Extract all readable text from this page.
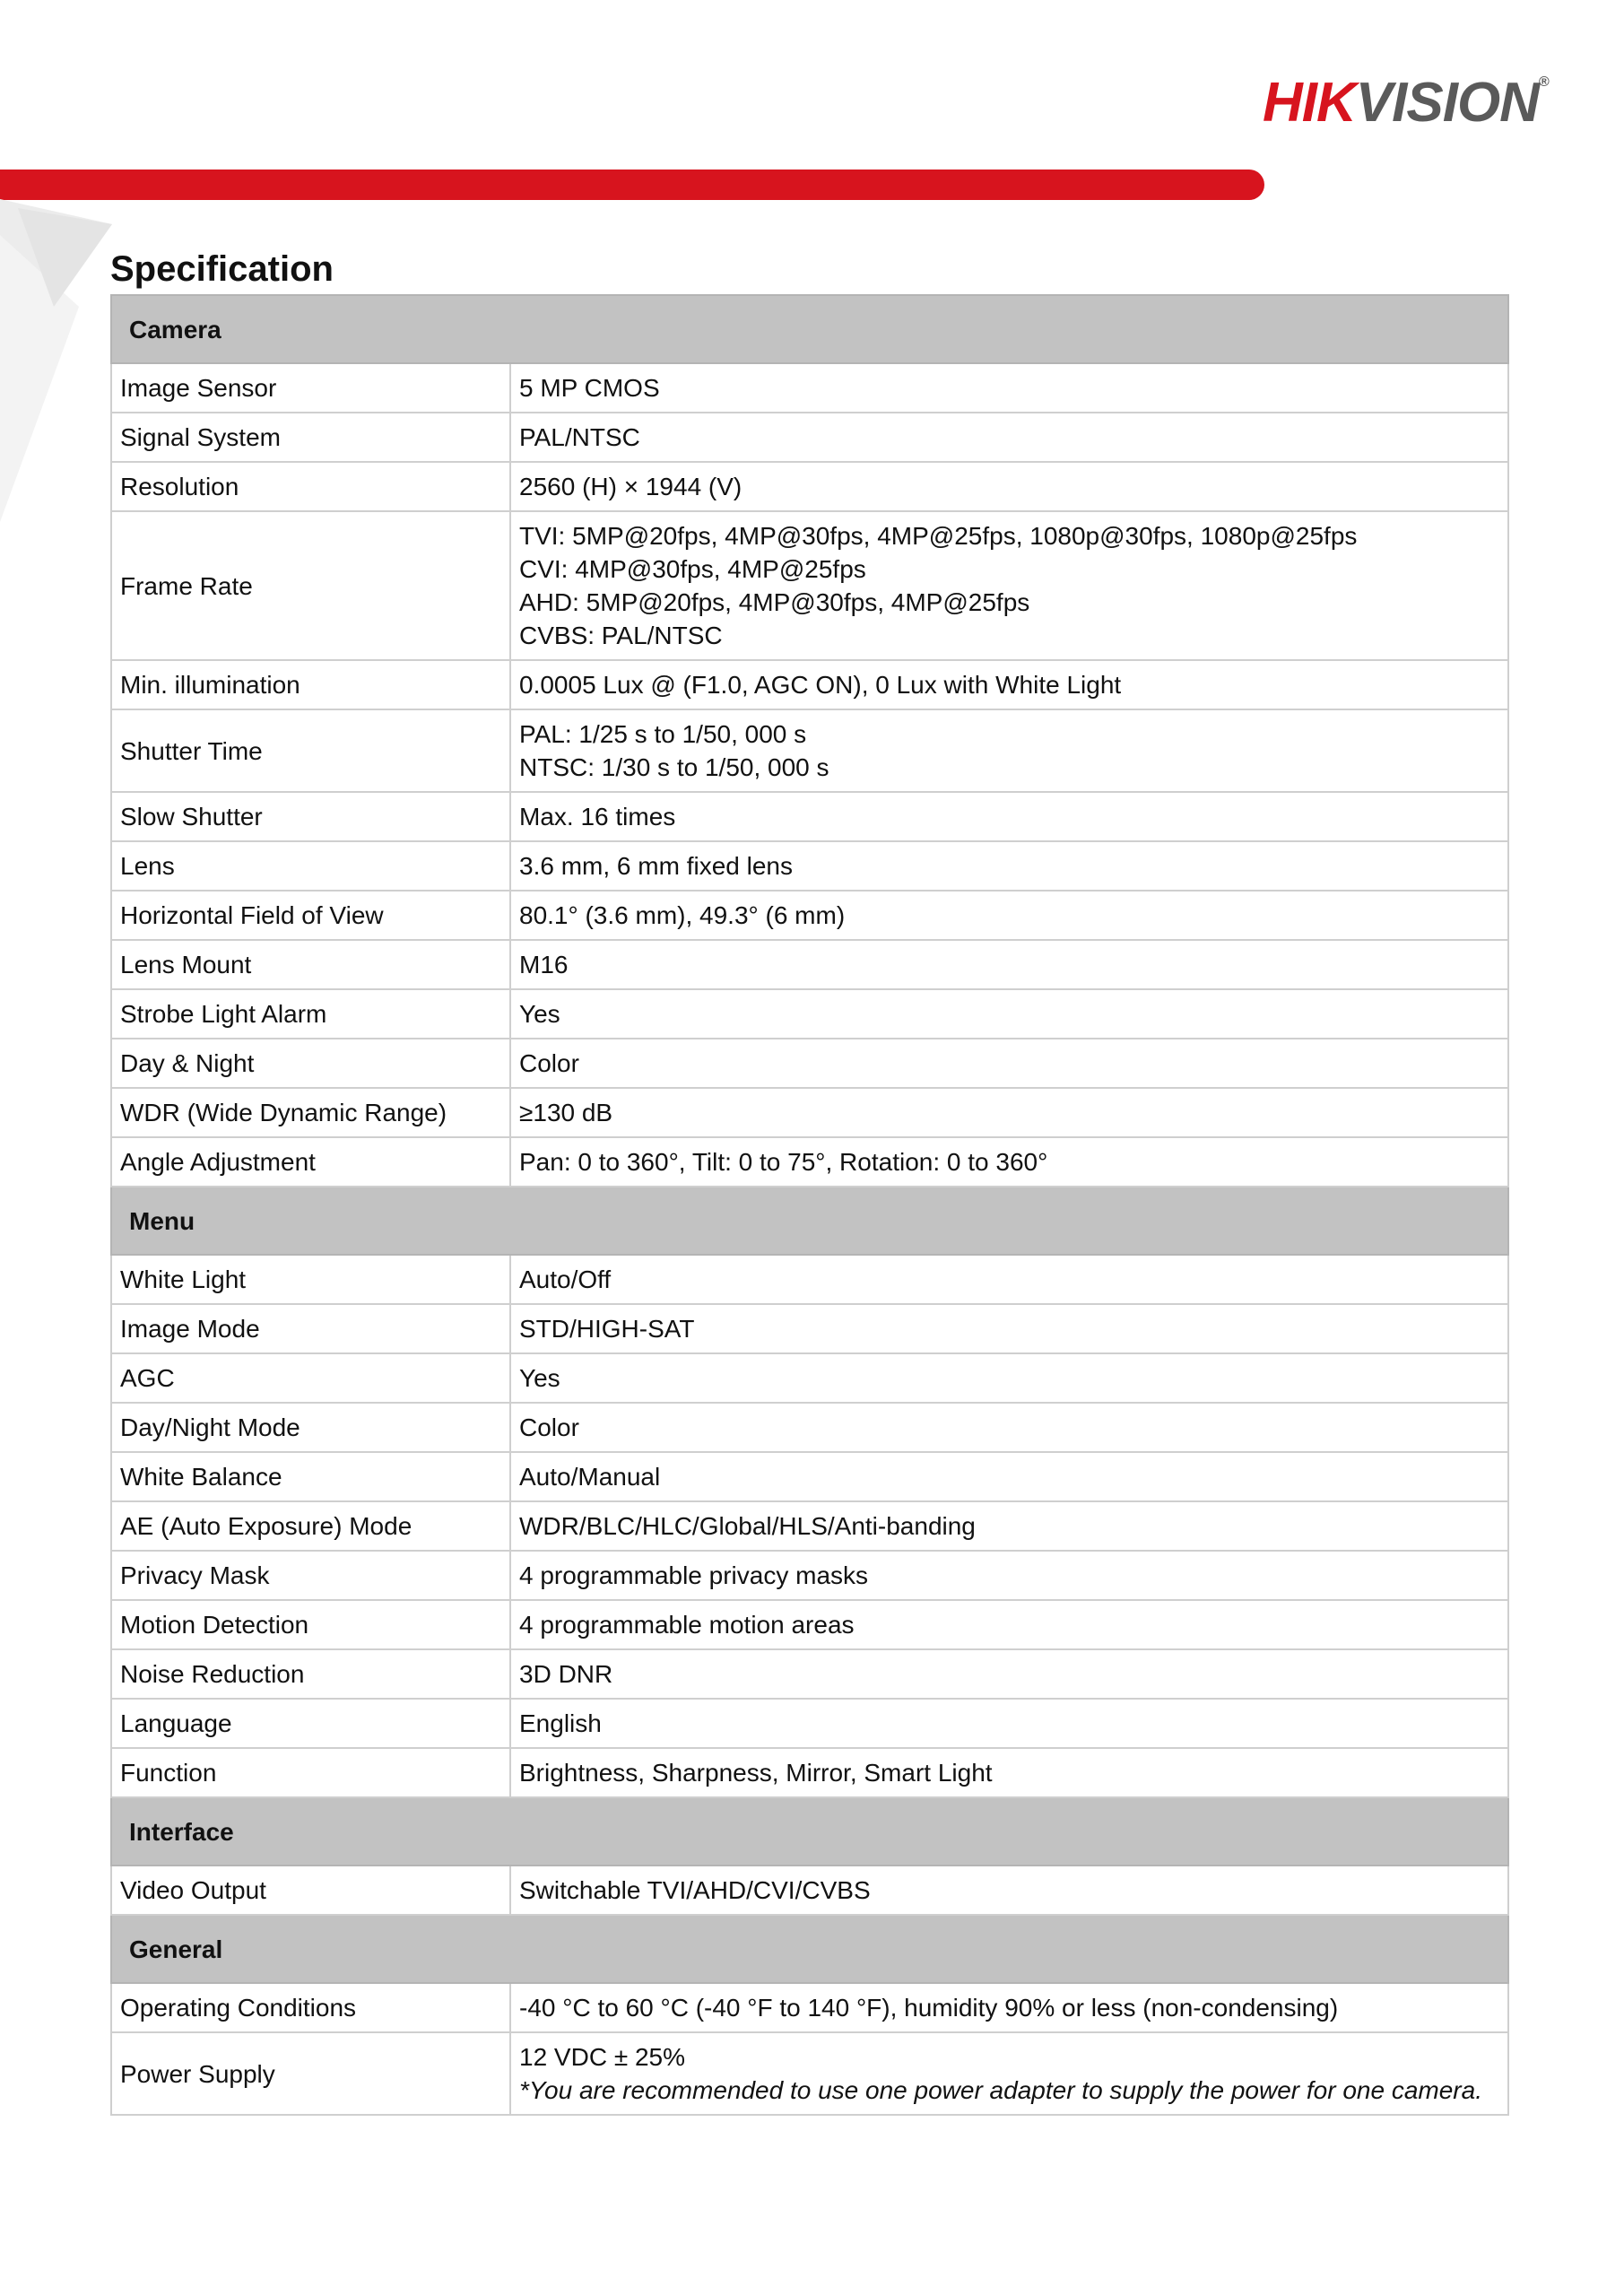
HIKVISION®
Specification
Camera	
Image Sensor	5 MP CMOS

Signal System	PAL/NTSC

Resolution	2560 (H) × 1944 (V)

Frame Rate	TVI: 5MP@20fps, 4MP@30fps, 4MP@25fps, 1080p@30fps, 1080p@25fps
CVI: 4MP@30fps, 4MP@25fps
AHD: 5MP@20fps, 4MP@30fps, 4MP@25fps
CVBS: PAL/NTSC

Min. illumination	0.0005 Lux @ (F1.0, AGC ON), 0 Lux with White Light

Shutter Time	PAL: 1/25 s to 1/50, 000 s
NTSC: 1/30 s to 1/50, 000 s

Slow Shutter	Max. 16 times

Lens	3.6 mm, 6 mm fixed lens

Horizontal Field of View	80.1° (3.6 mm), 49.3° (6 mm)

Lens Mount	M16

Strobe Light Alarm	Yes

Day & Night	Color

WDR (Wide Dynamic Range)	≥130 dB

Angle Adjustment	Pan: 0 to 360°, Tilt: 0 to 75°, Rotation: 0 to 360°

Menu	
White Light	Auto/Off

Image Mode	STD/HIGH-SAT

AGC	Yes

Day/Night Mode	Color

White Balance	Auto/Manual

AE (Auto Exposure) Mode	WDR/BLC/HLC/Global/HLS/Anti-banding

Privacy Mask	4 programmable privacy masks

Motion Detection	4 programmable motion areas

Noise Reduction	3D DNR

Language	English

Function	Brightness, Sharpness, Mirror, Smart Light

Interface	
Video Output	Switchable TVI/AHD/CVI/CVBS

General	
Operating Conditions	-40 °C to 60 °C (-40 °F to 140 °F), humidity 90% or less (non-condensing)

Power Supply	12 VDC ± 25%
*You are recommended to use one power adapter to supply the power for one camera.
